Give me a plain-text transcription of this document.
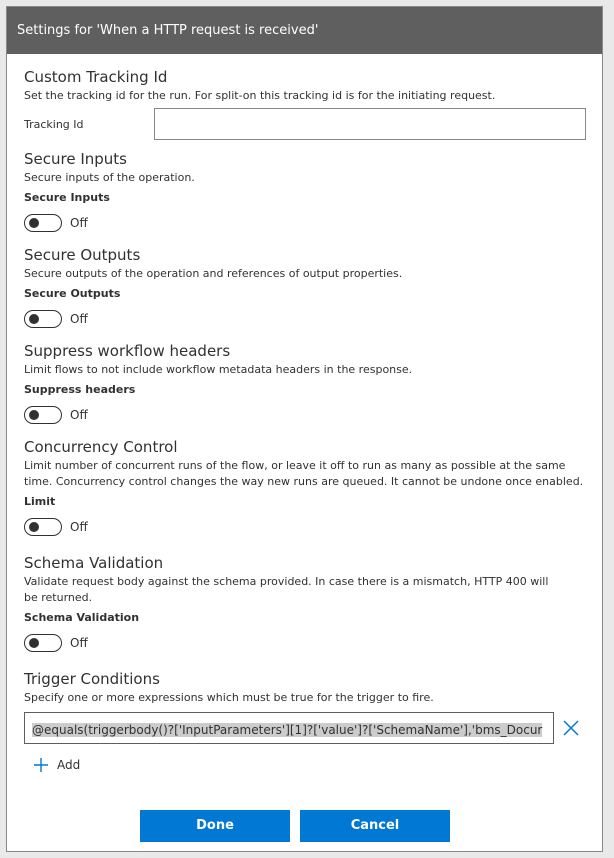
Settings for 'When a HTTP request is received'
Custom Tracking Id
Set the tracking id for the run. For split-on this tracking id is for the initiating request.
Tracking Id
Secure Inputs
Secure inputs of the operation.
Secure Inputs
Off
Secure Outputs
Secure outputs of the operation and references of output properties.
Secure Outputs
Off
Suppress workflow headers
Limit flows to not include workflow metadata headers in the response.
Suppress headers
Off
Concurrency Control
Limit number of concurrent runs of the flow, or leave it off to run as many as possible at the same time. Concurrency control changes the way new runs are queued. It cannot be undone once enabled.
Limit
Off
Schema Validation
Validate request body against the schema provided. In case there is a mismatch, HTTP 400 will be returned.
Schema Validation
Off
Trigger Conditions
Specify one or more expressions which must be true for the trigger to fire.
@equals(triggerbody()?['InputParameters'][1]?['value']?['SchemaName'],'bms_Docur
Add
Done	Cancel
